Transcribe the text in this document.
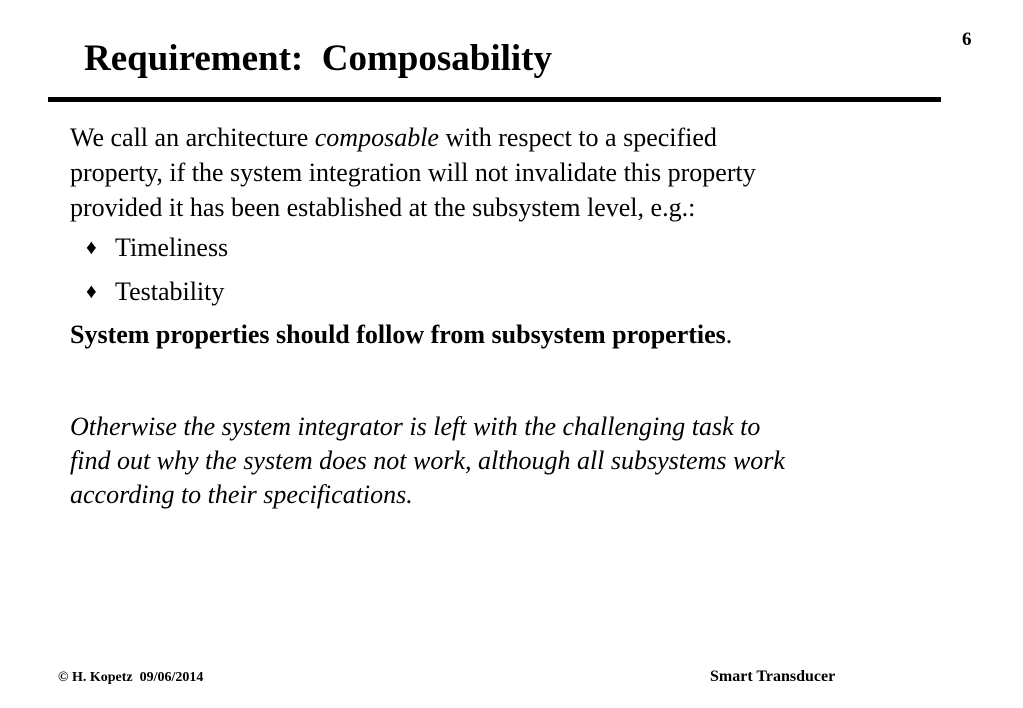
Requirement:  Composability	6

We call an architecture composable with respect to a specified
property, if the system integration will not invalidate this property
provided it has been established at the subsystem level, e.g.:

♦ Timeliness
♦ Testability

System properties should follow from subsystem properties.

Otherwise the system integrator is left with the challenging task to
find out why the system does not work, although all subsystems work
according to their specifications.

© H. Kopetz  09/06/2014	Smart Transducer
